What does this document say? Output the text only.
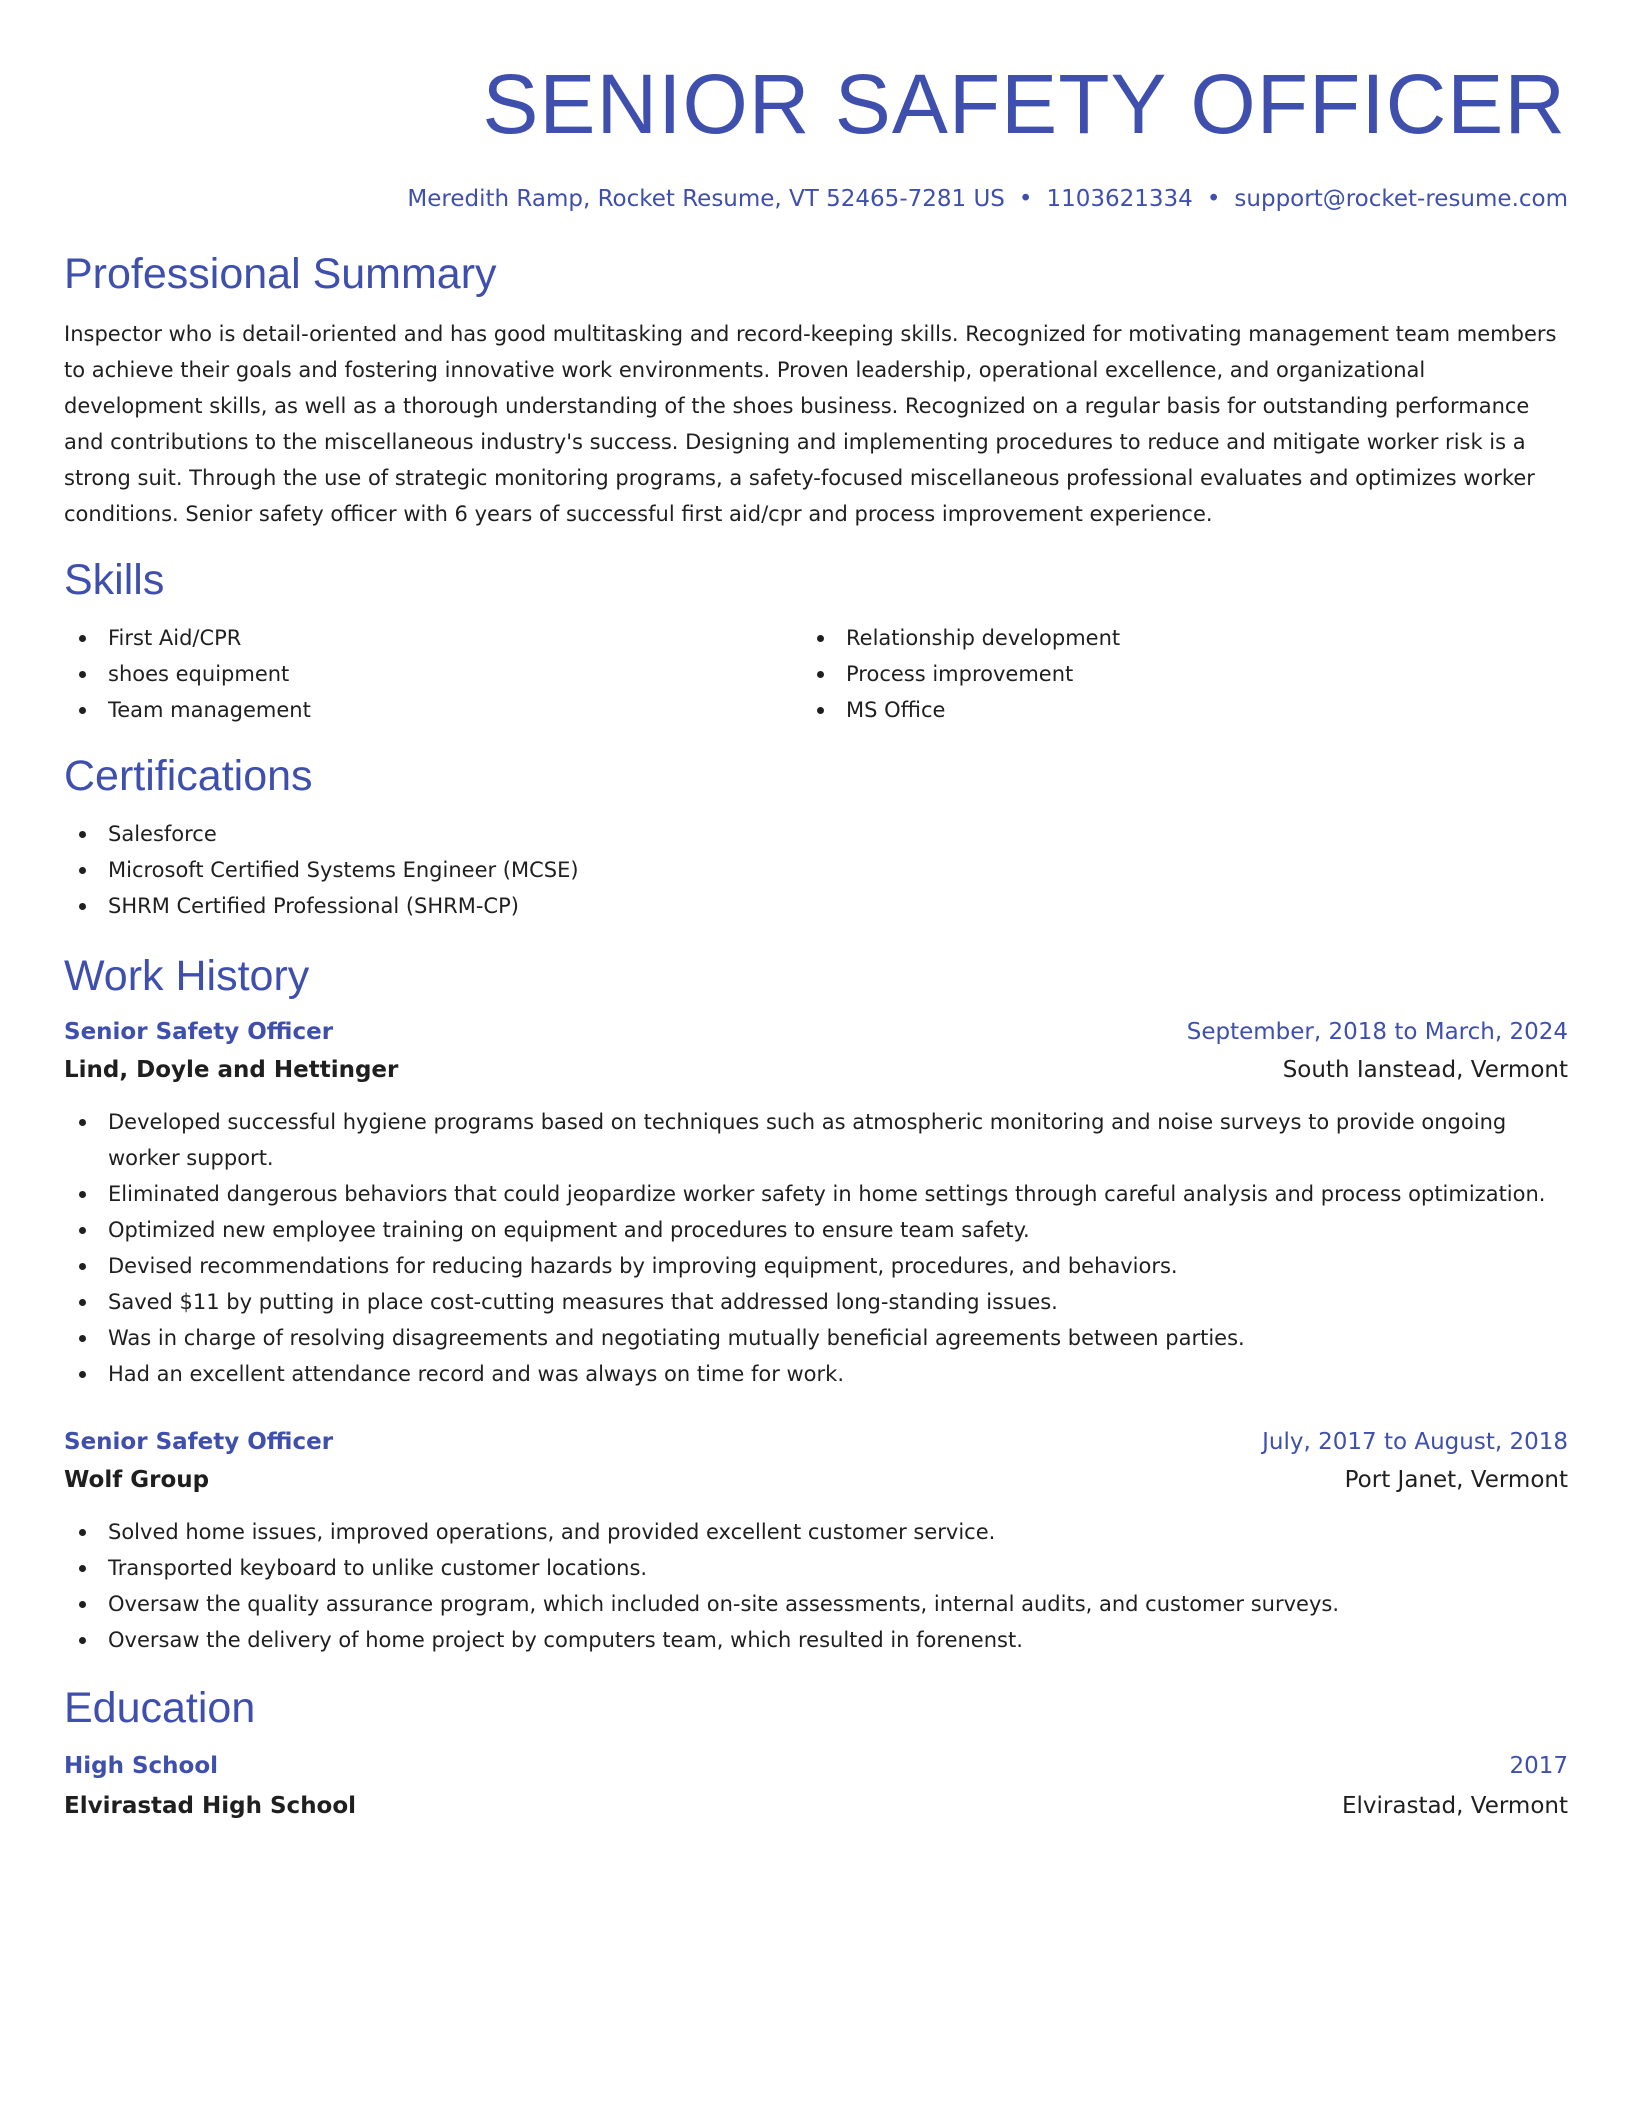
SENIOR SAFETY OFFICER
Meredith Ramp, Rocket Resume, VT 52465-7281 US • 1103621334 • support@rocket-resume.com
Professional Summary

Inspector who is detail-oriented and has good multitasking and record-keeping skills. Recognized for motivating management team members to achieve their goals and fostering innovative work environments. Proven leadership, operational excellence, and organizational development skills, as well as a thorough understanding of the shoes business. Recognized on a regular basis for outstanding performance and contributions to the miscellaneous industry's success. Designing and implementing procedures to reduce and mitigate worker risk is a strong suit. Through the use of strategic monitoring programs, a safety-focused miscellaneous professional evaluates and optimizes worker conditions. Senior safety officer with 6 years of successful first aid/cpr and process improvement experience.

Skills
First Aid/CPR
shoes equipment
Team management
Relationship development
Process improvement
MS Office
Certifications
Salesforce
Microsoft Certified Systems Engineer (MCSE)
SHRM Certified Professional (SHRM-CP)
Work History
Senior Safety Officer	September, 2018 to March, 2024
Lind, Doyle and Hettinger	South Ianstead, Vermont
Developed successful hygiene programs based on techniques such as atmospheric monitoring and noise surveys to provide ongoing worker support.
Eliminated dangerous behaviors that could jeopardize worker safety in home settings through careful analysis and process optimization.
Optimized new employee training on equipment and procedures to ensure team safety.
Devised recommendations for reducing hazards by improving equipment, procedures, and behaviors.
Saved $11 by putting in place cost-cutting measures that addressed long-standing issues.
Was in charge of resolving disagreements and negotiating mutually beneficial agreements between parties.
Had an excellent attendance record and was always on time for work.
Senior Safety Officer	July, 2017 to August, 2018
Wolf Group	Port Janet, Vermont
Solved home issues, improved operations, and provided excellent customer service.
Transported keyboard to unlike customer locations.
Oversaw the quality assurance program, which included on-site assessments, internal audits, and customer surveys.
Oversaw the delivery of home project by computers team, which resulted in forenenst.
Education
High School	2017
Elvirastad High School	Elvirastad, Vermont
